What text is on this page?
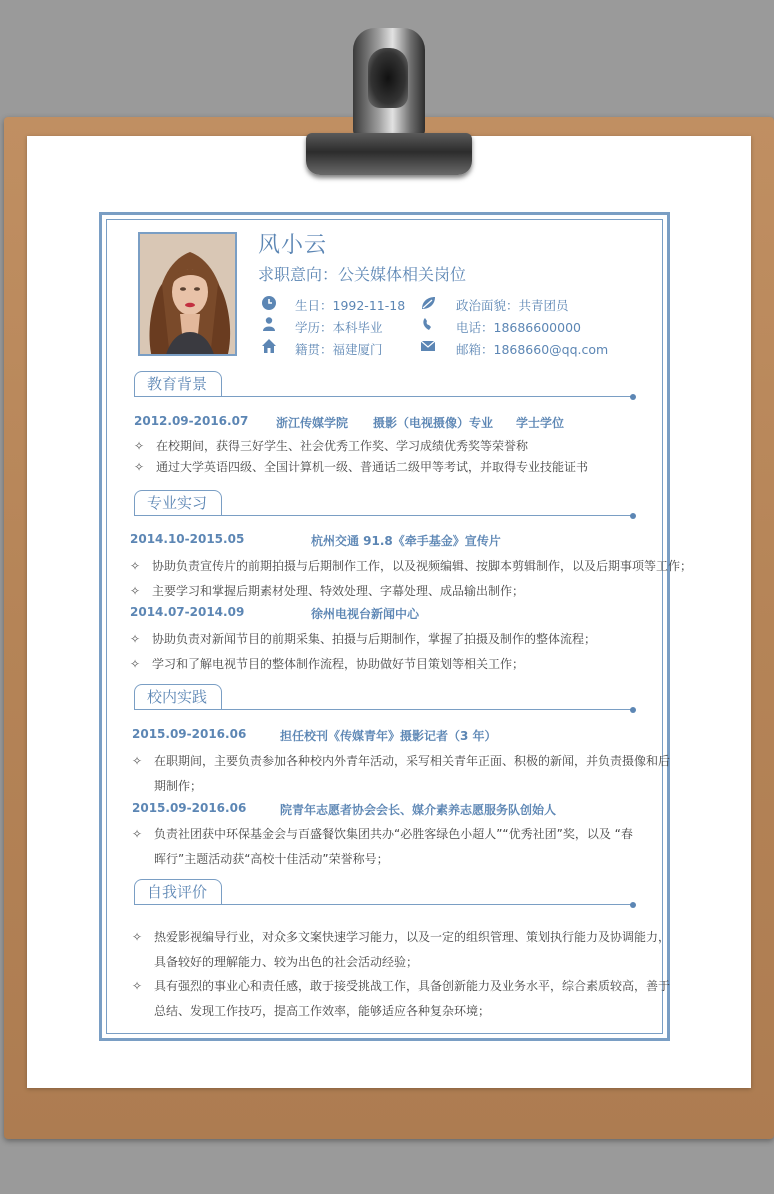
风小云
求职意向：公关媒体相关岗位
生日：1992-11-18	政治面貌：共青团员
学历：本科毕业	电话：18686600000
籍贯：福建厦门	邮箱：1868660@qq.com
教育背景
2012.09-2016.07 浙江传媒学院 摄影（电视摄像）专业 学士学位
✧ 在校期间，获得三好学生、社会优秀工作奖、学习成绩优秀奖等荣誉称
✧ 通过大学英语四级、全国计算机一级、普通话二级甲等考试，并取得专业技能证书
专业实习
2014.10-2015.05	杭州交通 91.8《牵手基金》宣传片
✧ 协助负责宣传片的前期拍摄与后期制作工作，以及视频编辑、按脚本剪辑制作，以及后期事项等工作；
✧ 主要学习和掌握后期素材处理、特效处理、字幕处理、成品输出制作；
2014.07-2014.09	徐州电视台新闻中心
✧ 协助负责对新闻节目的前期采集、拍摄与后期制作，掌握了拍摄及制作的整体流程；
✧ 学习和了解电视节目的整体制作流程，协助做好节目策划等相关工作；
校内实践
2015.09-2016.06	担任校刊《传媒青年》摄影记者（3 年）
✧ 在职期间，主要负责参加各种校内外青年活动，采写相关青年正面、积极的新闻，并负责摄像和后
期制作；
2015.09-2016.06	院青年志愿者协会会长、媒介素养志愿服务队创始人
✧ 负责社团获中环保基金会与百盛餐饮集团共办“必胜客绿色小超人”“优秀社团”奖，以及 “春
晖行”主题活动获“高校十佳活动”荣誉称号；
自我评价
✧ 热爱影视编导行业，对众多文案快速学习能力，以及一定的组织管理、策划执行能力及协调能力，
具备较好的理解能力、较为出色的社会活动经验；
✧ 具有强烈的事业心和责任感，敢于接受挑战工作，具备创新能力及业务水平，综合素质较高，善于
总结、发现工作技巧，提高工作效率，能够适应各种复杂环境；
